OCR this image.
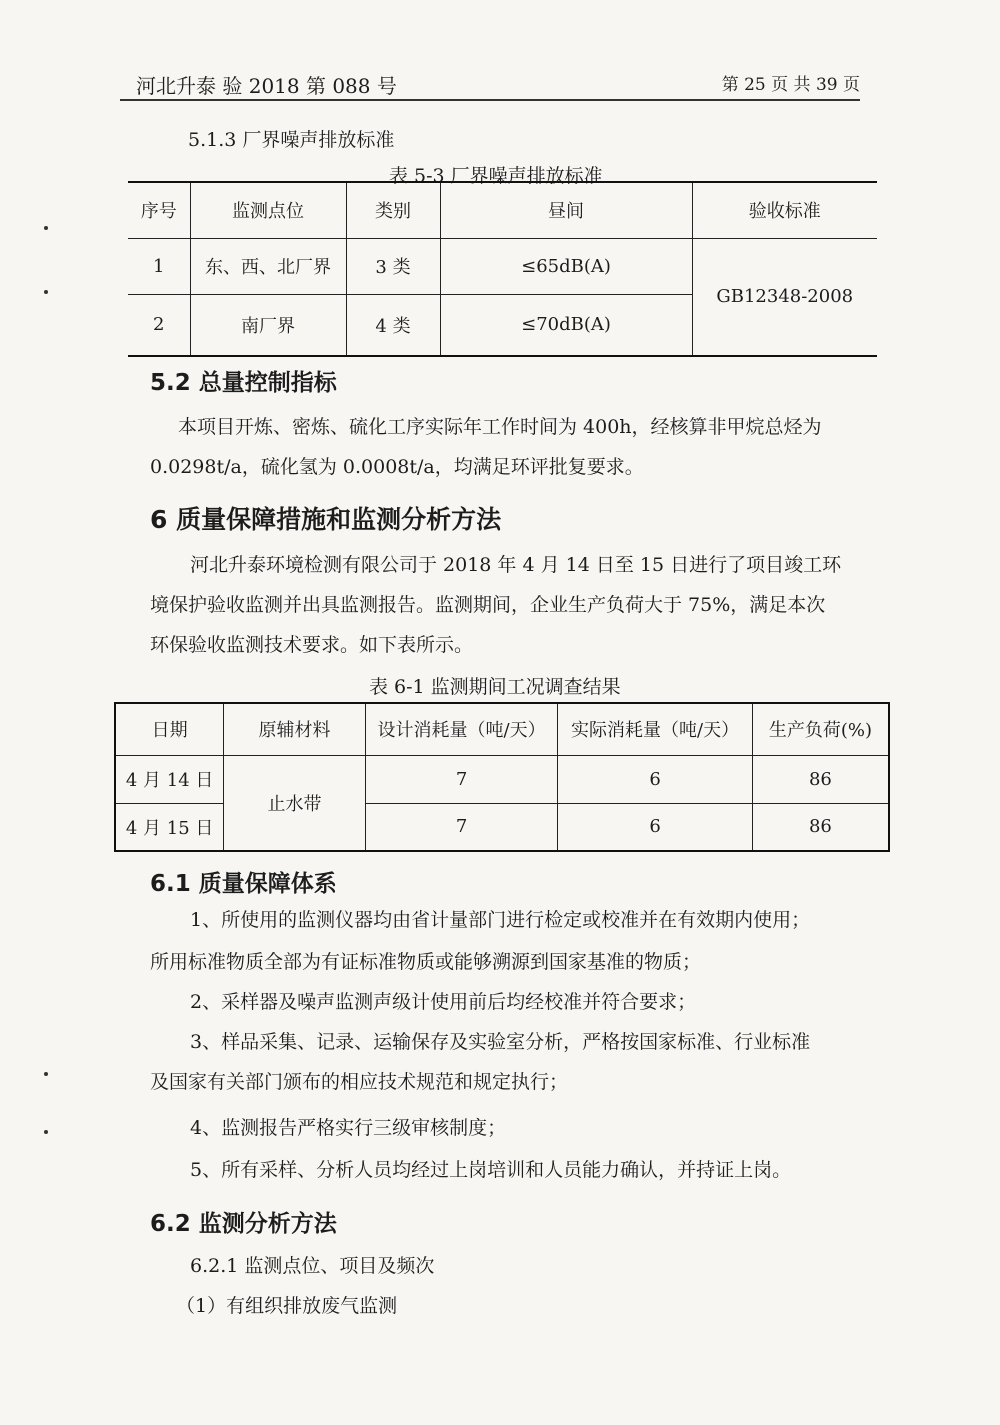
河北升泰 验 2018 第 088 号	第 25 页 共 39 页
5.1.3 厂界噪声排放标准
表 5-3 厂界噪声排放标准
序号	监测点位	类别	昼间	验收标准
1	东、西、北厂界	3 类	≤65dB(A)	GB12348-2008
2	南厂界	4 类	≤70dB(A)	
5.2 总量控制指标
本项目开炼、密炼、硫化工序实际年工作时间为 400h，经核算非甲烷总烃为
0.0298t/a，硫化氢为 0.0008t/a，均满足环评批复要求。
6 质量保障措施和监测分析方法
河北升泰环境检测有限公司于 2018 年 4 月 14 日至 15 日进行了项目竣工环
境保护验收监测并出具监测报告。监测期间，企业生产负荷大于 75%，满足本次
环保验收监测技术要求。如下表所示。
表 6-1 监测期间工况调查结果
日期	原辅材料	设计消耗量（吨/天）	实际消耗量（吨/天）	生产负荷(%)
4 月 14 日	止水带	7	6	86
4 月 15 日		7	6	86
6.1 质量保障体系
1、所使用的监测仪器均由省计量部门进行检定或校准并在有效期内使用；
所用标准物质全部为有证标准物质或能够溯源到国家基准的物质；
2、采样器及噪声监测声级计使用前后均经校准并符合要求；
3、样品采集、记录、运输保存及实验室分析，严格按国家标准、行业标准
及国家有关部门颁布的相应技术规范和规定执行；
4、监测报告严格实行三级审核制度；
5、所有采样、分析人员均经过上岗培训和人员能力确认，并持证上岗。
6.2 监测分析方法
6.2.1 监测点位、项目及频次
（1）有组织排放废气监测
